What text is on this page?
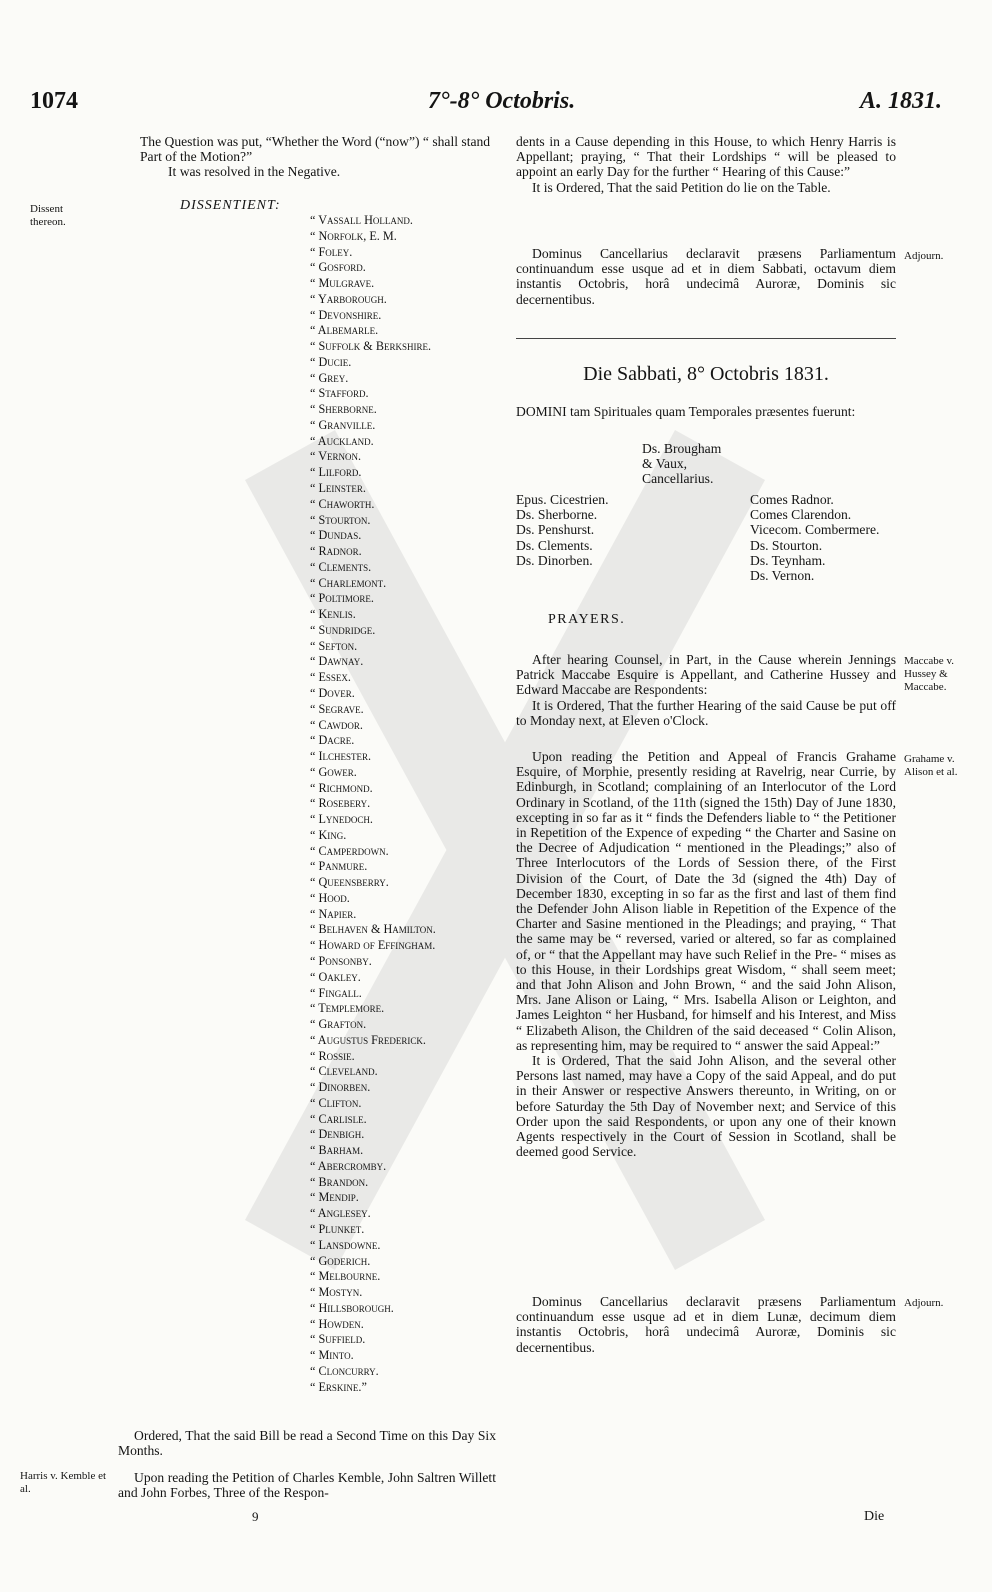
1074	7°-8° Octobris.	A. 1831.
The Question was put, “Whether the Word (“now”) “ shall stand Part of the Motion?”
It was resolved in the Negative.
Dissent thereon.
DISSENTIENT:
“ Vassall Holland.
“ Norfolk, E. M.
“ Foley.
“ Gosford.
“ Mulgrave.
“ Yarborough.
“ Devonshire.
“ Albemarle.
“ Suffolk & Berkshire.
“ Ducie.
“ Grey.
“ Stafford.
“ Sherborne.
“ Granville.
“ Auckland.
“ Vernon.
“ Lilford.
“ Leinster.
“ Chaworth.
“ Stourton.
“ Dundas.
“ Radnor.
“ Clements.
“ Charlemont.
“ Poltimore.
“ Kenlis.
“ Sundridge.
“ Sefton.
“ Dawnay.
“ Essex.
“ Dover.
“ Segrave.
“ Cawdor.
“ Dacre.
“ Ilchester.
“ Gower.
“ Richmond.
“ Rosebery.
“ Lynedoch.
“ King.
“ Camperdown.
“ Panmure.
“ Queensberry.
“ Hood.
“ Napier.
“ Belhaven & Hamilton.
“ Howard of Effingham.
“ Ponsonby.
“ Oakley.
“ Fingall.
“ Templemore.
“ Grafton.
“ Augustus Frederick.
“ Rossie.
“ Cleveland.
“ Dinorben.
“ Clifton.
“ Carlisle.
“ Denbigh.
“ Barham.
“ Abercromby.
“ Brandon.
“ Mendip.
“ Anglesey.
“ Plunket.
“ Lansdowne.
“ Goderich.
“ Melbourne.
“ Mostyn.
“ Hillsborough.
“ Howden.
“ Suffield.
“ Minto.
“ Cloncurry.
“ Erskine.”

Ordered, That the said Bill be read a Second Time on this Day Six Months.

Harris v. Kemble et al.

Upon reading the Petition of Charles Kemble, John Saltren Willett and John Forbes, Three of the Respon-

9

dents in a Cause depending in this House, to which Henry Harris is Appellant; praying, “ That their Lordships “ will be pleased to appoint an early Day for the further “ Hearing of this Cause:”

It is Ordered, That the said Petition do lie on the Table.

Dominus Cancellarius declaravit præsens Parliamentum continuandum esse usque ad et in diem Sabbati, octavum diem instantis Octobris, horâ undecimâ Auroræ, Dominis sic decernentibus.

Adjourn.
Die Sabbati, 8° Octobris 1831.

DOMINI tam Spirituales quam Temporales præsentes fuerunt:

Ds. Brougham
& Vaux,
Cancellarius.
Epus. Cicestrien.
Ds. Sherborne.
Ds. Penshurst.
Ds. Clements.
Ds. Dinorben.
Comes Radnor.
Comes Clarendon.
Vicecom. Combermere.
Ds. Stourton.
Ds. Teynham.
Ds. Vernon.
PRAYERS.

After hearing Counsel, in Part, in the Cause wherein Jennings Patrick Maccabe Esquire is Appellant, and Catherine Hussey and Edward Maccabe are Respondents:

It is Ordered, That the further Hearing of the said Cause be put off to Monday next, at Eleven o'Clock.

Maccabe v. Hussey & Maccabe.

Upon reading the Petition and Appeal of Francis Grahame Esquire, of Morphie, presently residing at Ravelrig, near Currie, by Edinburgh, in Scotland; complaining of an Interlocutor of the Lord Ordinary in Scotland, of the 11th (signed the 15th) Day of June 1830, excepting in so far as it “ finds the Defenders liable to “ the Petitioner in Repetition of the Expence of expeding “ the Charter and Sasine on the Decree of Adjudication “ mentioned in the Pleadings;” also of Three Interlocutors of the Lords of Session there, of the First Division of the Court, of Date the 3d (signed the 4th) Day of December 1830, excepting in so far as the first and last of them find the Defender John Alison liable in Repetition of the Expence of the Charter and Sasine mentioned in the Pleadings; and praying, “ That the same may be “ reversed, varied or altered, so far as complained of, or “ that the Appellant may have such Relief in the Pre- “ mises as to this House, in their Lordships great Wisdom, “ shall seem meet; and that John Alison and John Brown, “ and the said John Alison, Mrs. Jane Alison or Laing, “ Mrs. Isabella Alison or Leighton, and James Leighton “ her Husband, for himself and his Interest, and Miss “ Elizabeth Alison, the Children of the said deceased “ Colin Alison, as representing him, may be required to “ answer the said Appeal:”

It is Ordered, That the said John Alison, and the several other Persons last named, may have a Copy of the said Appeal, and do put in their Answer or respective Answers thereunto, in Writing, on or before Saturday the 5th Day of November next; and Service of this Order upon the said Respondents, or upon any one of their known Agents respectively in the Court of Session in Scotland, shall be deemed good Service.

Grahame v. Alison et al.

Dominus Cancellarius declaravit præsens Parliamentum continuandum esse usque ad et in diem Lunæ, decimum diem instantis Octobris, horâ undecimâ Auroræ, Dominis sic decernentibus.

Adjourn.
Die
